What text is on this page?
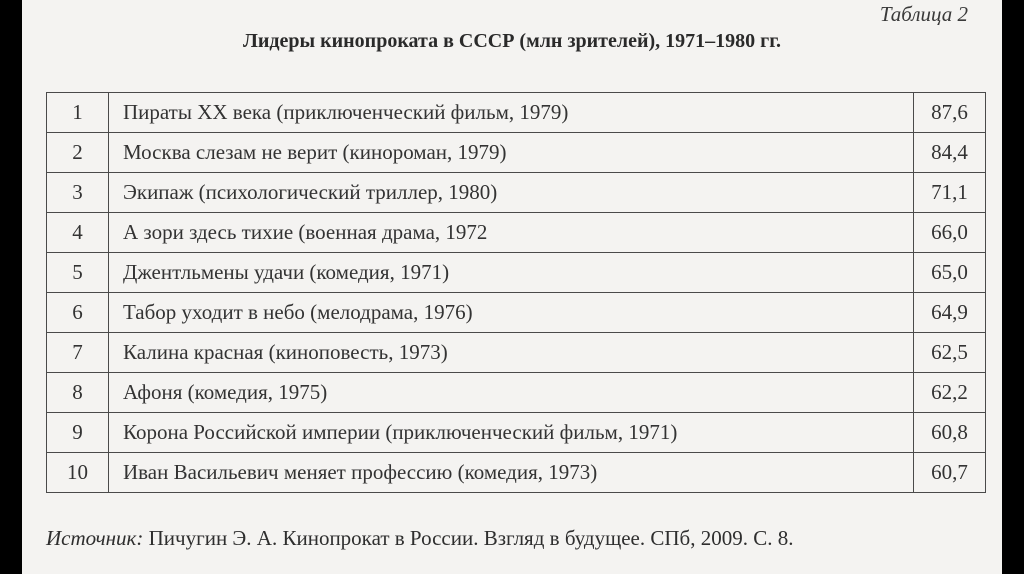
Таблица 2
Лидеры кинопроката в СССР (млн зрителей), 1971–1980 гг.
1	Пираты XX века (приключенческий фильм, 1979)	87,6
2	Москва слезам не верит (кинороман, 1979)	84,4
3	Экипаж (психологический триллер, 1980)	71,1
4	А зори здесь тихие (военная драма, 1972	66,0
5	Джентльмены удачи (комедия, 1971)	65,0
6	Табор уходит в небо (мелодрама, 1976)	64,9
7	Калина красная (киноповесть, 1973)	62,5
8	Афоня (комедия, 1975)	62,2
9	Корона Российской империи (приключенческий фильм, 1971)	60,8
10	Иван Васильевич меняет профессию (комедия, 1973)	60,7
Источник: Пичугин Э. А. Кинопрокат в России. Взгляд в будущее. СПб, 2009. С. 8.
